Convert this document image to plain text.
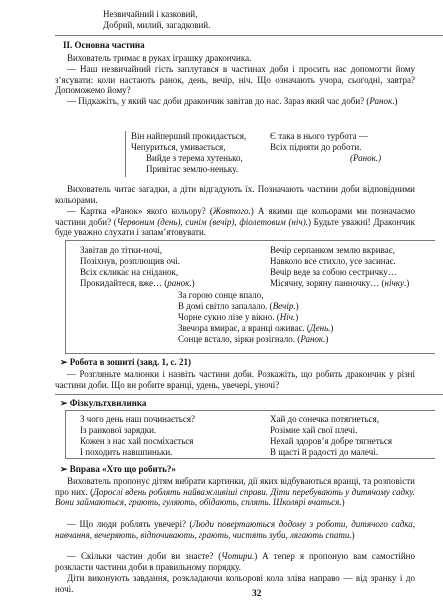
Незвичайний і казковий,
Добрий, милий, загадковий.
II. Основна частина
Вихователь тримає в руках іграшку дракончика.
— Наш незвичайний гість заплутався в частинах доби і просить нас допомогти йому з’ясувати: коли настають ранок, день, вечір, ніч. Що означають учора, сьогодні, завтра? Допоможемо йому?
— Підкажіть, у який час доби дракончик завітав до нас. Зараз який час доби? (Ранок.)
Він найперший прокидається,
Чепуриться, умивається,
Вийде з терема хутенько,
Привітає землю-неньку.
Є така в нього турбота —
Всіх підняти до роботи.
(Ранок.)
Вихователь читає загадки, а діти відгадують їх. Позначають частини доби відповідними кольорами.
— Картка «Ранок» якого кольору? (Жовтого.) А якими ще кольорами ми позначаємо частини доби? (Червоним (день), синім (вечір), фіолетовим (ніч).) Будьте уважні! Дракончик буде уважно слухати і запам’ятовувати.
Завітав до тітки-ночі,
Позіхнув, розплющив очі.
Всіх склика́є на сніданок,
Прокидайтеся, вже… (ранок.)
Вечір серпанком землю вкриває,
Навколо все стихло, усе засинає.
Вечір веде за собою сестричку…
Місячну, зоряну панночку… (нічку.)
За горою сонце впало,
В домі світло запалало. (Вечір.)
Чорне сукно лізе у вікно. (Ніч.)
Звечора вмирає, а вранці оживає. (День.)
Сонце встало, зірки розігнало. (Ранок.)
➢ Робота в зошиті (завд. 1, с. 21)
— Розгляньте малюнки і назвіть частини доби. Розкажіть, що робить дракончик у різні частини доби. Що ви робите вранці, удень, увечері, уночі?
➢ Фізкультхвилинка
З чого день наш починається?
Із ранкової зарядки.
Кожен з нас хай посміхається
І походить навшпиньки.
Хай до сонечка потягнеться,
Розімне хай свої плечі.
Нехай здоров’я добре тягнеться
В щасті й радості до малечі.
➢ Вправа «Хто що робить?»
Вихователь пропонує дітям вибрати картинки, дії яких відбуваються вранці, та розповісти про них. (Дорослі вдень роблять найважливіші справи. Діти перебувають у дитячому садку. Вони займаються, грають, гуляють, обідають, сплять. Школярі вчаться.)
— Що люди роблять увечері? (Люди повертаються додому з роботи, дитячого садка, навчання, вечеряють, відпочивають, грають, чистять зуби, лягають спати.)
— Скільки частин доби ви знаєте? (Чотири.) А тепер я пропоную вам самостійно розкласти частини доби в правильному порядку.
Діти виконують завдання, розкладаючи кольорові кола зліва направо — від зранку і до ночі.
32
